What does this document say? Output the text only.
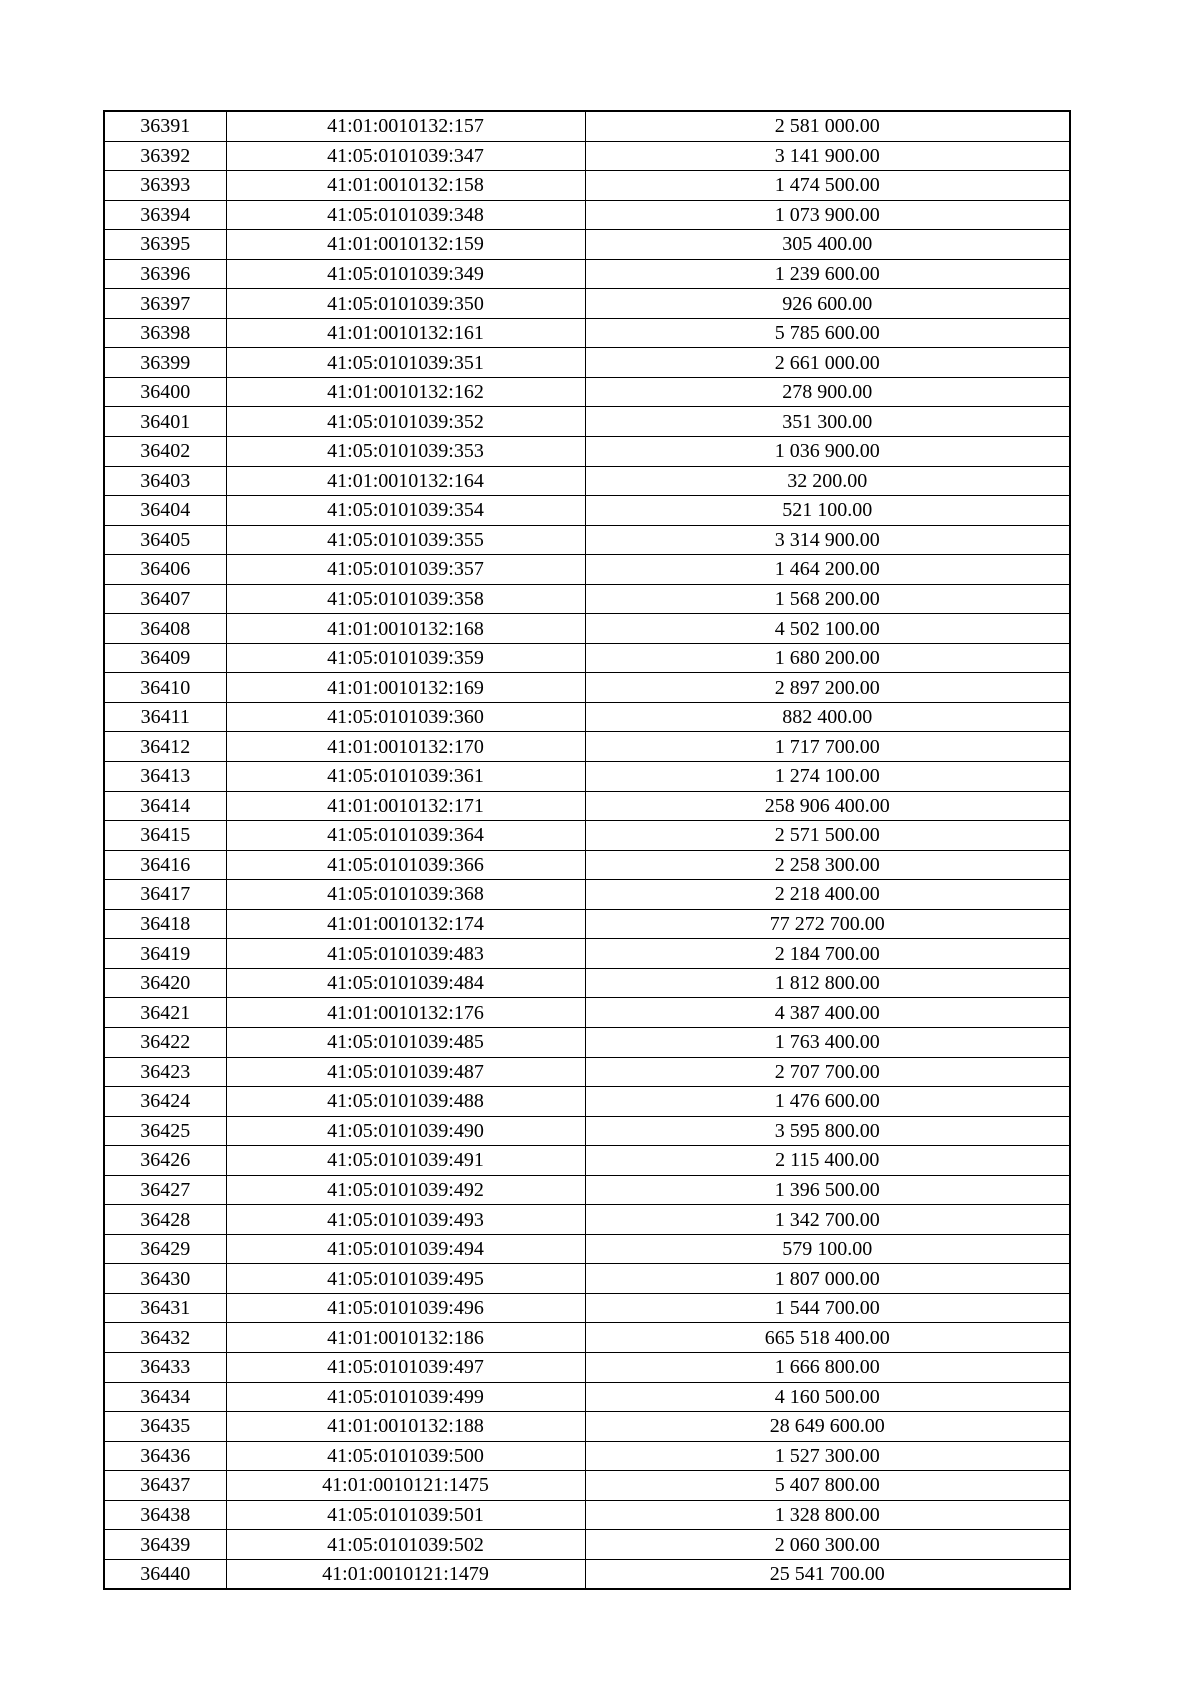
36391	41:01:0010132:157	2 581 000.00
36392	41:05:0101039:347	3 141 900.00
36393	41:01:0010132:158	1 474 500.00
36394	41:05:0101039:348	1 073 900.00
36395	41:01:0010132:159	305 400.00
36396	41:05:0101039:349	1 239 600.00
36397	41:05:0101039:350	926 600.00
36398	41:01:0010132:161	5 785 600.00
36399	41:05:0101039:351	2 661 000.00
36400	41:01:0010132:162	278 900.00
36401	41:05:0101039:352	351 300.00
36402	41:05:0101039:353	1 036 900.00
36403	41:01:0010132:164	32 200.00
36404	41:05:0101039:354	521 100.00
36405	41:05:0101039:355	3 314 900.00
36406	41:05:0101039:357	1 464 200.00
36407	41:05:0101039:358	1 568 200.00
36408	41:01:0010132:168	4 502 100.00
36409	41:05:0101039:359	1 680 200.00
36410	41:01:0010132:169	2 897 200.00
36411	41:05:0101039:360	882 400.00
36412	41:01:0010132:170	1 717 700.00
36413	41:05:0101039:361	1 274 100.00
36414	41:01:0010132:171	258 906 400.00
36415	41:05:0101039:364	2 571 500.00
36416	41:05:0101039:366	2 258 300.00
36417	41:05:0101039:368	2 218 400.00
36418	41:01:0010132:174	77 272 700.00
36419	41:05:0101039:483	2 184 700.00
36420	41:05:0101039:484	1 812 800.00
36421	41:01:0010132:176	4 387 400.00
36422	41:05:0101039:485	1 763 400.00
36423	41:05:0101039:487	2 707 700.00
36424	41:05:0101039:488	1 476 600.00
36425	41:05:0101039:490	3 595 800.00
36426	41:05:0101039:491	2 115 400.00
36427	41:05:0101039:492	1 396 500.00
36428	41:05:0101039:493	1 342 700.00
36429	41:05:0101039:494	579 100.00
36430	41:05:0101039:495	1 807 000.00
36431	41:05:0101039:496	1 544 700.00
36432	41:01:0010132:186	665 518 400.00
36433	41:05:0101039:497	1 666 800.00
36434	41:05:0101039:499	4 160 500.00
36435	41:01:0010132:188	28 649 600.00
36436	41:05:0101039:500	1 527 300.00
36437	41:01:0010121:1475	5 407 800.00
36438	41:05:0101039:501	1 328 800.00
36439	41:05:0101039:502	2 060 300.00
36440	41:01:0010121:1479	25 541 700.00
